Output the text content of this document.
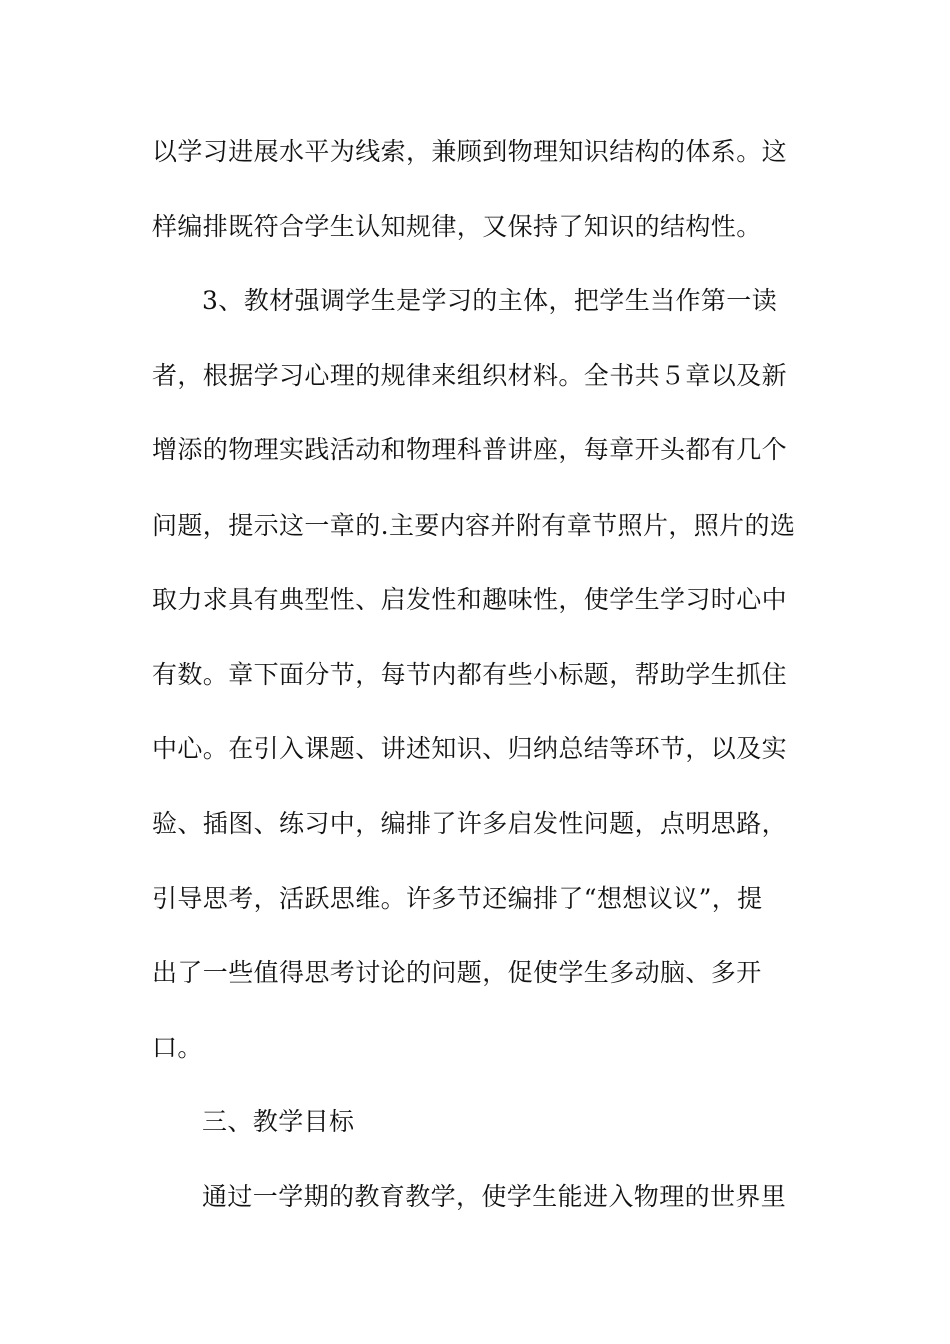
以学习进展水平为线索，兼顾到物理知识结构的体系。这
样编排既符合学生认知规律，又保持了知识的结构性。
3、教材强调学生是学习的主体，把学生当作第一读
者，根据学习心理的规律来组织材料。全书共５章以及新
增添的物理实践活动和物理科普讲座，每章开头都有几个
问题，提示这一章的.主要内容并附有章节照片，照片的选
取力求具有典型性、启发性和趣味性，使学生学习时心中
有数。章下面分节，每节内都有些小标题，帮助学生抓住
中心。在引入课题、讲述知识、归纳总结等环节，以及实
验、插图、练习中，编排了许多启发性问题，点明思路，
引导思考，活跃思维。许多节还编排了“想想议议”，提
出了一些值得思考讨论的问题，促使学生多动脑、多开
口。
三、教学目标
通过一学期的教育教学，使学生能进入物理的世界里
